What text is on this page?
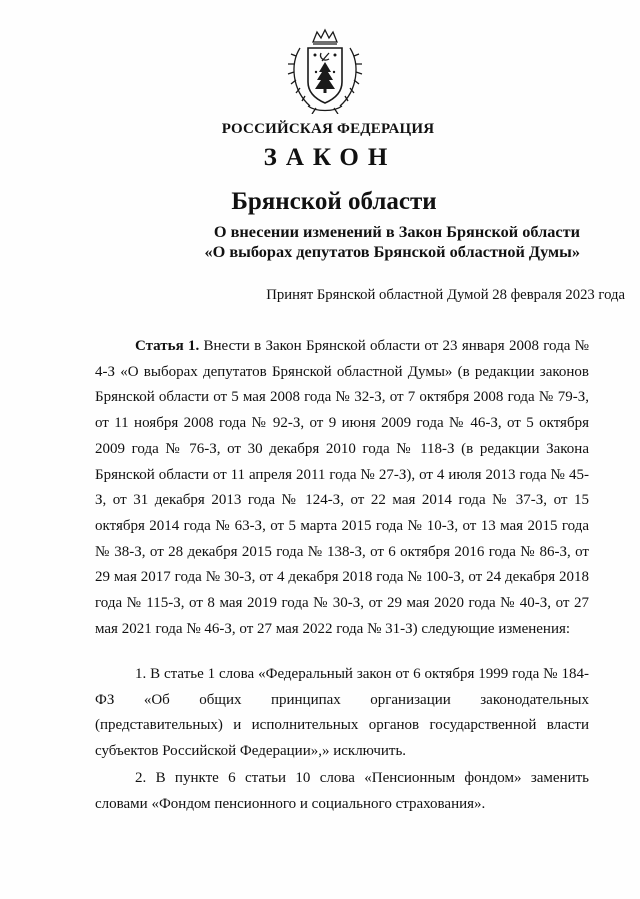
РОССИЙСКАЯ ФЕДЕРАЦИЯ
ЗАКОН
Брянской области
О внесении изменений в Закон Брянской области
«О выборах депутатов Брянской областной Думы»
Принят Брянской областной Думой 28 февраля 2023 года
Статья 1. Внести в Закон Брянской области от 23 января 2008 года № 4-З «О выборах депутатов Брянской областной Думы» (в редакции законов Брянской области от 5 мая 2008 года № 32-З, от 7 октября 2008 года № 79-З, от 11 ноября 2008 года № 92-З, от 9 июня 2009 года № 46-З, от 5 октября 2009 года № 76-З, от 30 декабря 2010 года № 118-З (в редакции Закона Брянской области от 11 апреля 2011 года № 27-З), от 4 июля 2013 года № 45-З, от 31 декабря 2013 года № 124-З, от 22 мая 2014 года № 37-З, от 15 октября 2014 года № 63-З, от 5 марта 2015 года № 10-З, от 13 мая 2015 года № 38-З, от 28 декабря 2015 года № 138-З, от 6 октября 2016 года № 86-З, от 29 мая 2017 года № 30-З, от 4 декабря 2018 года № 100-З, от 24 декабря 2018 года № 115-З, от 8 мая 2019 года № 30-З, от 29 мая 2020 года № 40-З, от 27 мая 2021 года № 46-З, от 27 мая 2022 года № 31-З) следующие изменения:
1. В статье 1 слова «Федеральный закон от 6 октября 1999 года № 184-ФЗ «Об общих принципах организации законодательных (представительных) и исполнительных органов государственной власти субъектов Российской Федерации»,» исключить.
2. В пункте 6 статьи 10 слова «Пенсионным фондом» заменить словами «Фондом пенсионного и социального страхования».
